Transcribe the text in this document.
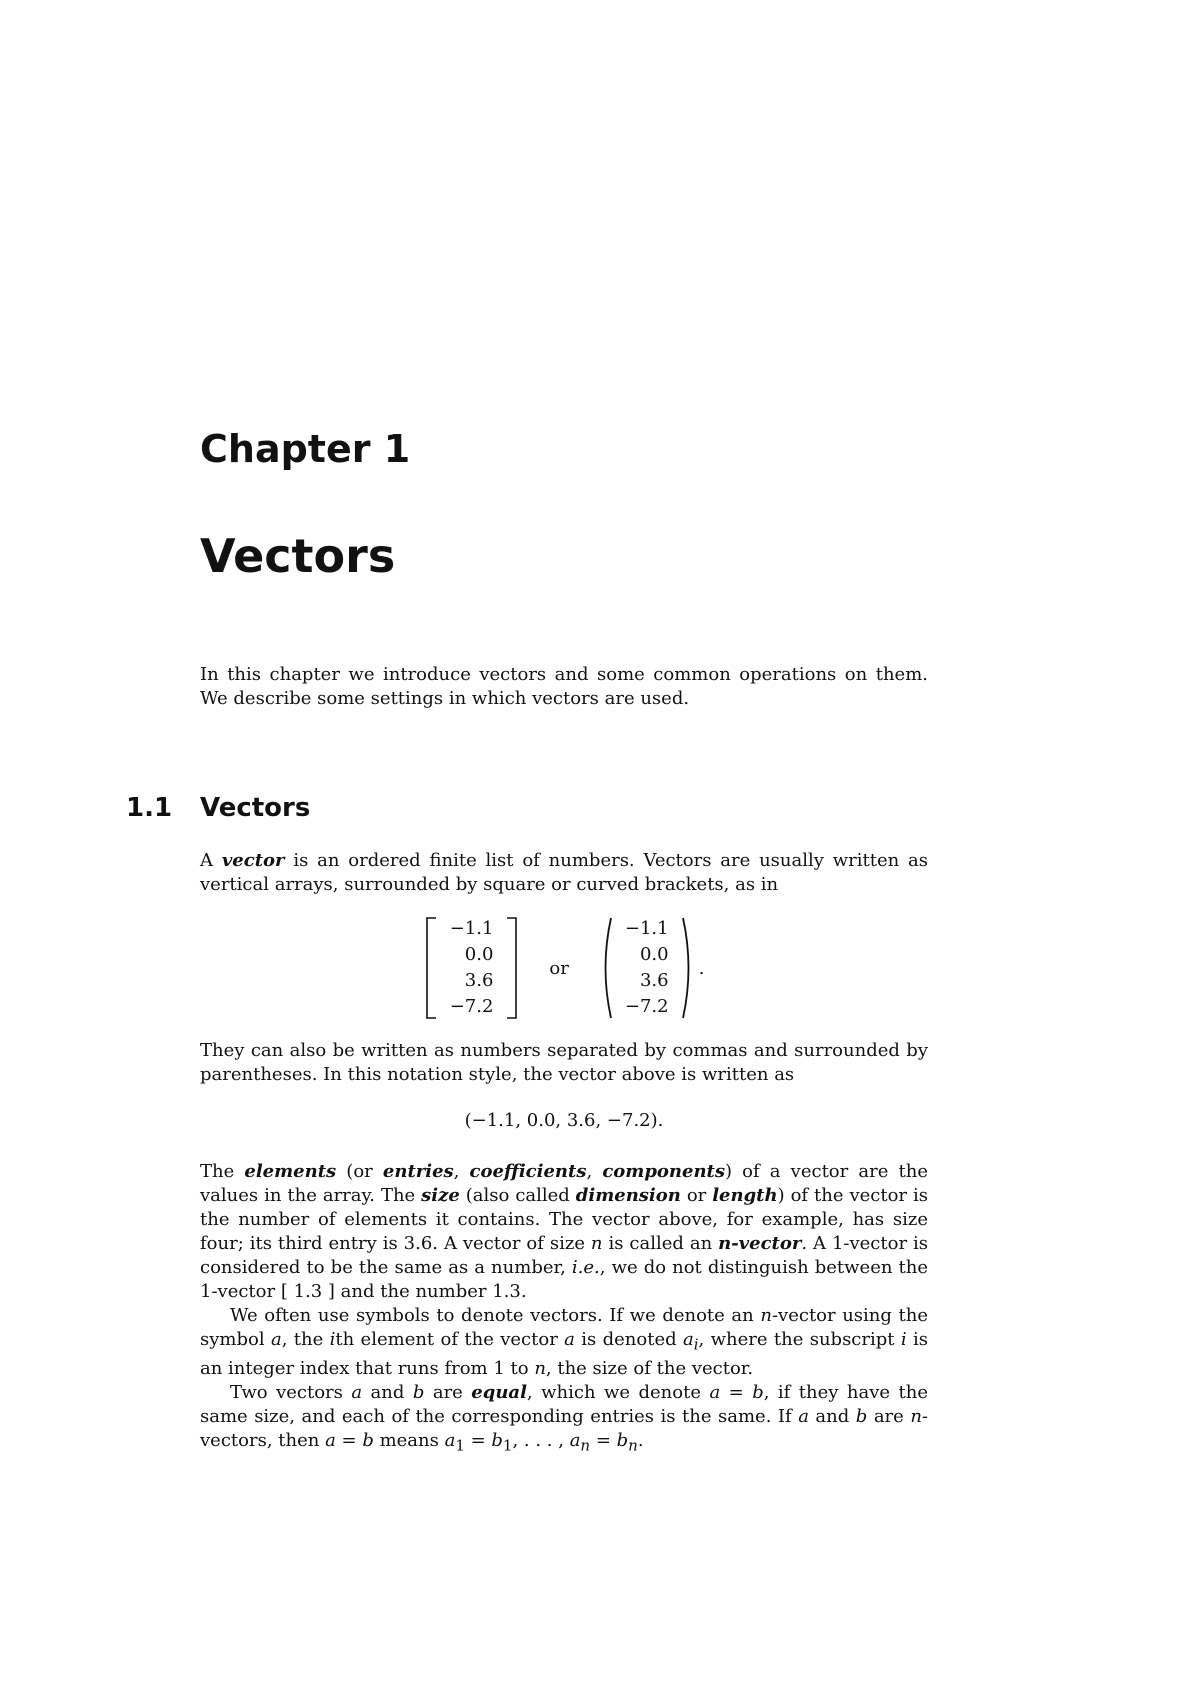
Chapter 1
Vectors

In this chapter we introduce vectors and some common operations on them. We describe some settings in which vectors are used.

1.1 Vectors

A vector is an ordered finite list of numbers. Vectors are usually written as vertical arrays, surrounded by square or curved brackets, as in

−1.1
0.0
3.6
−7.2
or
−1.1
0.0
3.6
−7.2
.

They can also be written as numbers separated by commas and surrounded by parentheses. In this notation style, the vector above is written as

(−1.1, 0.0, 3.6, −7.2).

The elements (or entries, coefficients, components) of a vector are the values in the array. The size (also called dimension or length) of the vector is the number of elements it contains. The vector above, for example, has size four; its third entry is 3.6. A vector of size n is called an n-vector. A 1-vector is considered to be the same as a number, i.e., we do not distinguish between the 1-vector [ 1.3 ] and the number 1.3.

We often use symbols to denote vectors. If we denote an n-vector using the symbol a, the ith element of the vector a is denoted $a_i$, where the subscript i is an integer index that runs from 1 to n, the size of the vector.

Two vectors a and b are equal, which we denote a = b, if they have the same size, and each of the corresponding entries is the same. If a and b are n-vectors, then a = b means $a_1 = b_1$, . . . , $a_n = b_n$.
